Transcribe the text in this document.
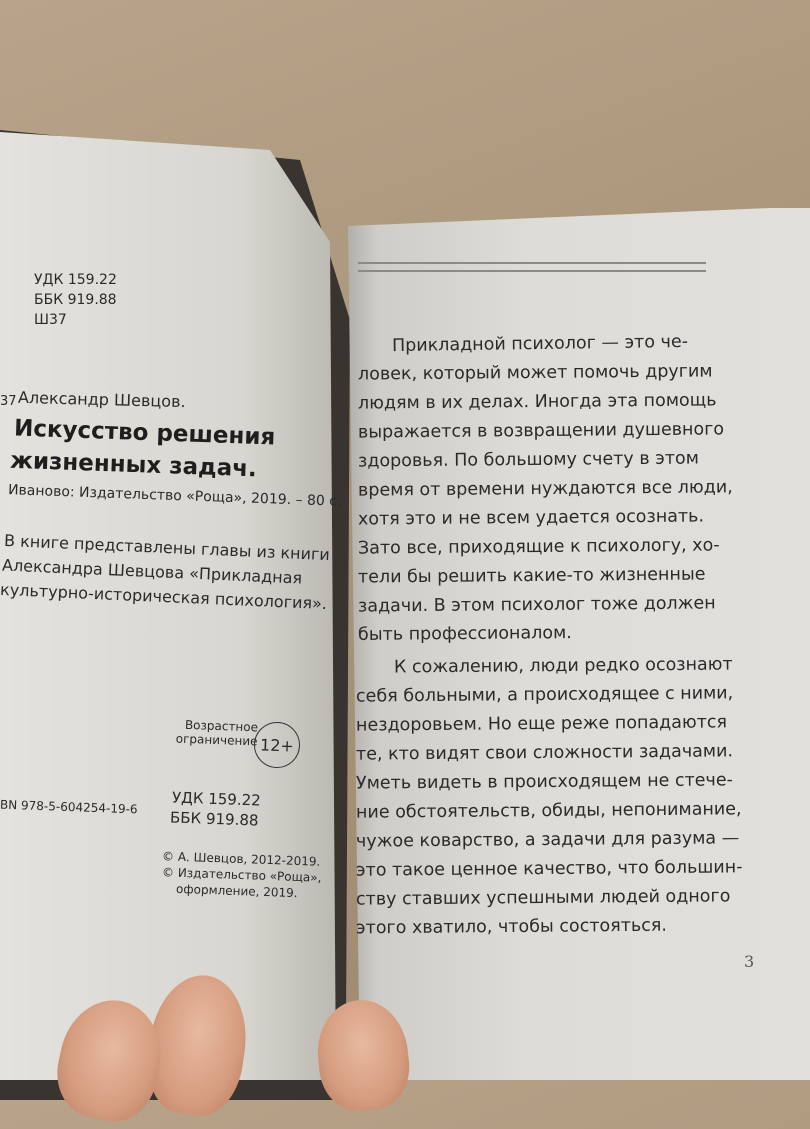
УДК 159.22
ББК 919.88
Ш37
37 Александр Шевцов.
Искусство решения
жизненных задач.
Иваново: Издательство «Роща», 2019. – 80 с.
В книге представлены главы из книги
Александра Шевцова «Прикладная
культурно-историческая психология».
Возрастное
ограничение 12+
УДК 159.22
ББК 919.88
BN 978-5-604254-19-6
© А. Шевцов, 2012-2019.
© Издательство «Роща»,
оформление, 2019.
Прикладной психолог — это че-
ловек, который может помочь другим
людям в их делах. Иногда эта помощь
выражается в возвращении душевного
здоровья. По большому счету в этом
время от времени нуждаются все люди,
хотя это и не всем удается осознать.
Зато все, приходящие к психологу, хо-
тели бы решить какие-то жизненные
задачи. В этом психолог тоже должен
быть профессионалом.
К сожалению, люди редко осознают
себя больными, а происходящее с ними,
нездоровьем. Но еще реже попадаются
те, кто видят свои сложности задачами.
Уметь видеть в происходящем не стече-
ние обстоятельств, обиды, непонимание,
чужое коварство, а задачи для разума —
это такое ценное качество, что большин-
ству ставших успешными людей одного
этого хватило, чтобы состояться.
3
